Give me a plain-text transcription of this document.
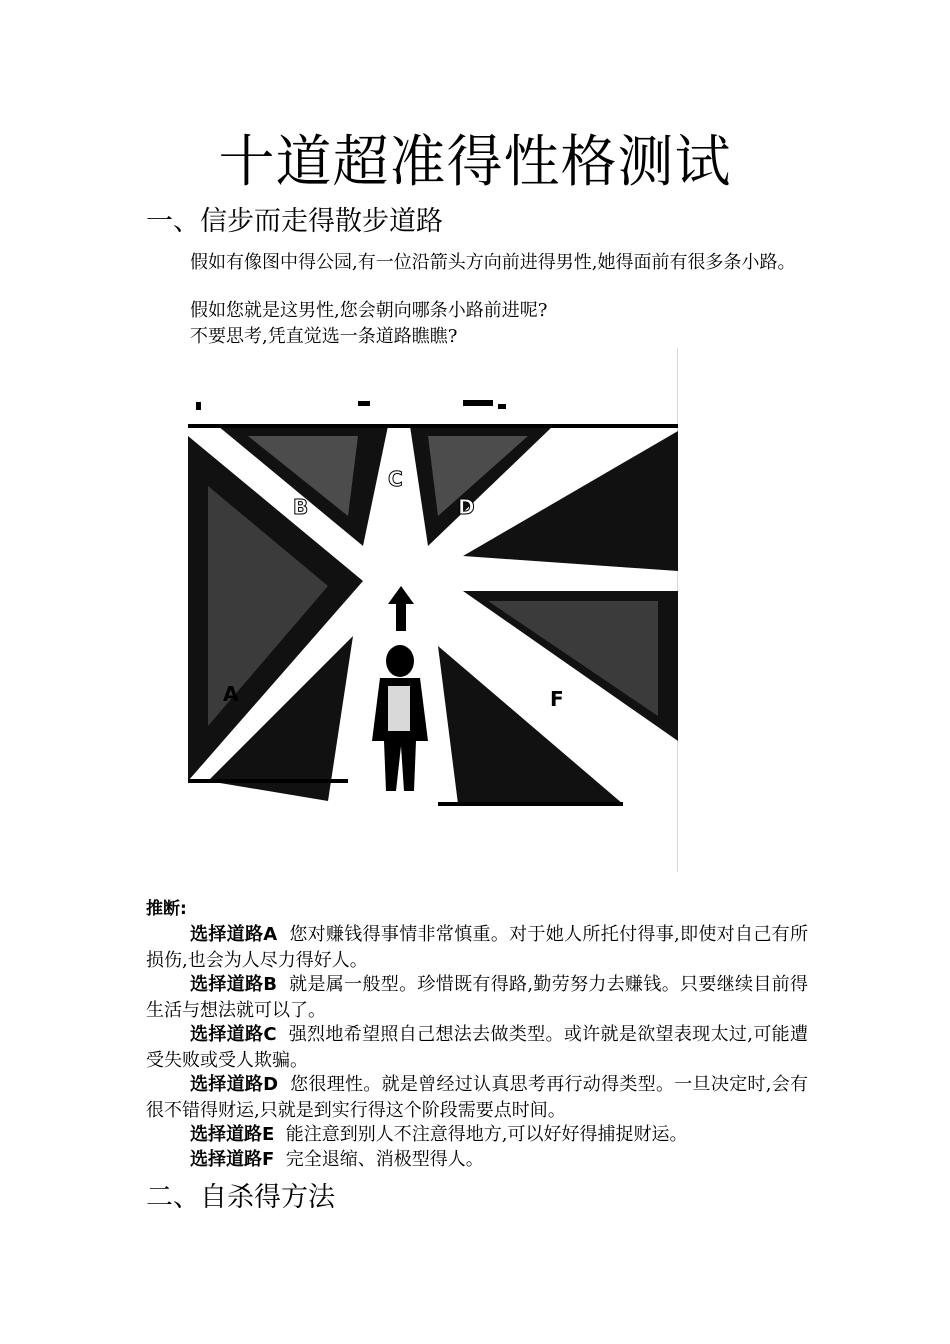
十道超准得性格测试
一、信步而走得散步道路
假如有像图中得公园,有一位沿箭头方向前进得男性,她得面前有很多条小路。
假如您就是这男性,您会朝向哪条小路前进呢?
不要思考,凭直觉选一条道路瞧瞧?
A
B
C
D
F
推断:
选择道路A 您对赚钱得事情非常慎重。对于她人所托付得事,即使对自己有所损伤,也会为人尽力得好人。
选择道路B 就是属一般型。珍惜既有得路,勤劳努力去赚钱。只要继续目前得生活与想法就可以了。
选择道路C 强烈地希望照自己想法去做类型。或许就是欲望表现太过,可能遭受失败或受人欺骗。
选择道路D 您很理性。就是曾经过认真思考再行动得类型。一旦决定时,会有很不错得财运,只就是到实行得这个阶段需要点时间。
选择道路E 能注意到别人不注意得地方,可以好好得捕捉财运。
选择道路F 完全退缩、消极型得人。
二、自杀得方法
